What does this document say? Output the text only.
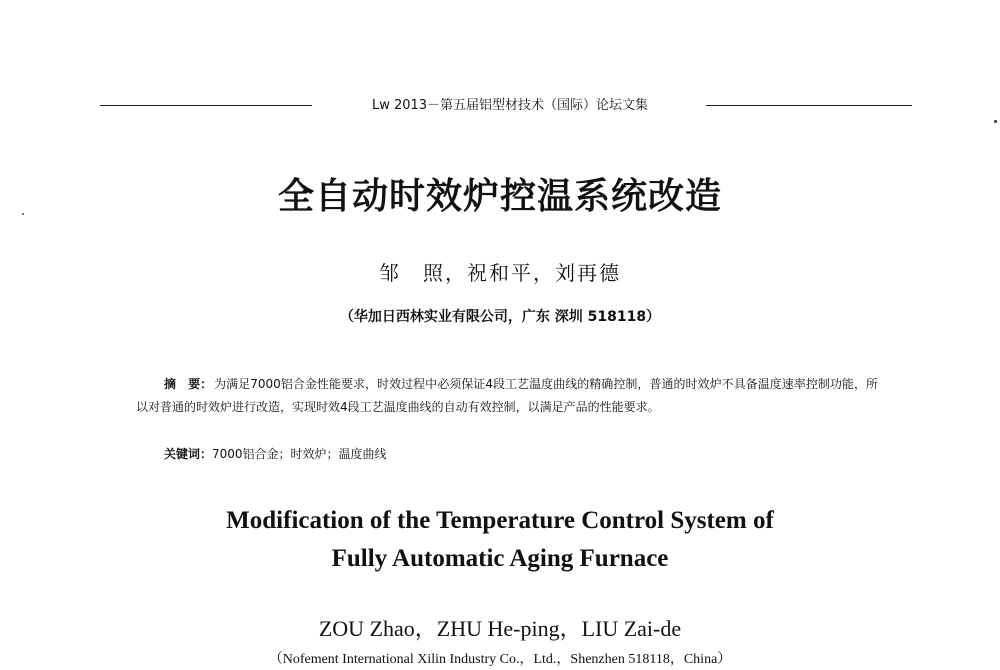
Lw 2013－第五届铝型材技术（国际）论坛文集
全自动时效炉控温系统改造
邹　照，祝和平，刘再德
（华加日西林实业有限公司，广东 深圳 518118）
摘　要： 为满足7000铝合金性能要求，时效过程中必须保证4段工艺温度曲线的精确控制，普通的时效炉不具备温度速率控制功能，所以对普通的时效炉进行改造，实现时效4段工艺温度曲线的自动有效控制，以满足产品的性能要求。
关键词：7000铝合金；时效炉；温度曲线
Modification of the Temperature Control System of
Fully Automatic Aging Furnace
ZOU Zhao，ZHU He-ping，LIU Zai-de
（Nofement International Xilin Industry Co.，Ltd.，Shenzhen 518118，China）
